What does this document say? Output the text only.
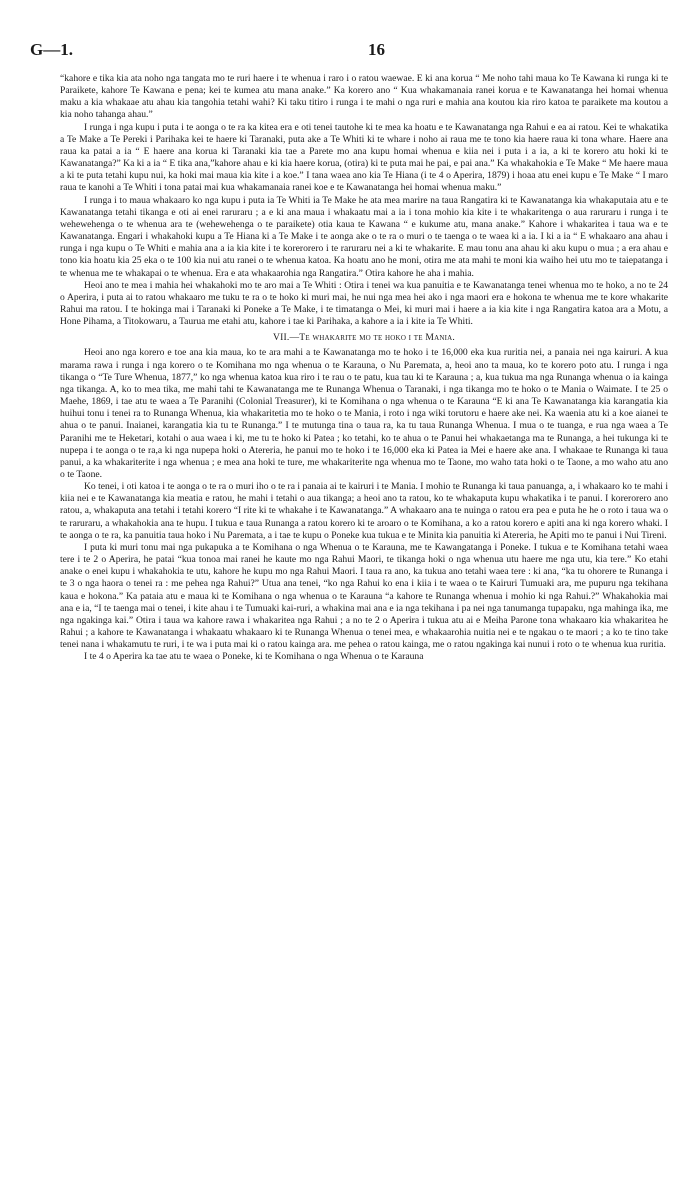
G—1.	16

“kahore e tika kia ata noho nga tangata mo te ruri haere i te whenua i raro i o ratou waewae. E ki ana korua “ Me noho tahi maua ko Te Kawana ki runga ki te Paraikete, kahore Te Kawana e pena; kei te kumea atu mana anake.” Ka korero ano “ Kua whakamanaia ranei korua e te Kawanatanga hei homai whenua maku a kia whakaae atu ahau kia tangohia tetahi wahi? Ki taku titiro i runga i te mahi o nga ruri e mahia ana koutou kia riro katoa te paraikete ma koutou a kia noho tahanga ahau.”

I runga i nga kupu i puta i te aonga o te ra ka kitea era e oti tenei tautohe ki te mea ka hoatu e te Kawanatanga nga Rahui e ea ai ratou. Kei te whakatika a Te Make a Te Pereki i Parihaka kei te haere ki Taranaki, puta ake a Te Whiti ki te whare i noho ai raua me te tono kia haere raua ki tona whare. Haere ana raua ka patai a ia “ E haere ana korua ki Taranaki kia tae a Parete mo ana kupu homai whenua e kiia nei i puta i a ia, a ki te korero atu hoki ki te Kawanatanga?” Ka ki a ia “ E tika ana,”kahore ahau e ki kia haere korua, (otira) ki te puta mai he pai, e pai ana.” Ka whakahokia e Te Make “ Me haere maua a ki te puta tetahi kupu nui, ka hoki mai maua kia kite i a koe.” I tana waea ano kia Te Hiana (i te 4 o Aperira, 1879) i hoaa atu enei kupu e Te Make “ I maro raua te kanohi a Te Whiti i tona patai mai kua whakamanaia ranei koe e te Kawanatanga hei homai whenua maku.”

I runga i to maua whakaaro ko nga kupu i puta ia Te Whiti ia Te Make he ata mea marire na taua Rangatira ki te Kawanatanga kia whakaputaia atu e te Kawanatanga tetahi tikanga e oti ai enei raruraru ; a e ki ana maua i whakaatu mai a ia i tona mohio kia kite i te whakaritenga o aua raruraru i runga i te wehewehenga o te whenua ara te (wehewehenga o te paraikete) otia kaua te Kawana “ e kukume atu, mana anake.” Kahore i whakaritea i taua wa e te Kawanatanga. Engari i whakahoki kupu a Te Hiana ki a Te Make i te aonga ake o te ra o muri o te taenga o te waea ki a ia. I ki a ia “ E whakaaro ana ahau i runga i nga kupu o Te Whiti e mahia ana a ia kia kite i te korerorero i te raruraru nei a ki te whakarite. E mau tonu ana ahau ki aku kupu o mua ; a era ahau e tono kia hoatu kia 25 eka o te 100 kia nui atu ranei o te whenua katoa. Ka hoatu ano he moni, otira me ata mahi te moni kia waiho hei utu mo te taiepatanga i te whenua me te whakapai o te whenua. Era e ata whakaarohia nga Rangatira.” Otira kahore he aha i mahia.

Heoi ano te mea i mahia hei whakahoki mo te aro mai a Te Whiti : Otira i tenei wa kua panuitia e te Kawanatanga tenei whenua mo te hoko, a no te 24 o Aperira, i puta ai to ratou whakaaro me tuku te ra o te hoko ki muri mai, he nui nga mea hei ako i nga maori era e hokona te whenua me te kore whakarite Rahui ma ratou. I te hokinga mai i Taranaki ki Poneke a Te Make, i te timatanga o Mei, ki muri mai i haere a ia kia kite i nga Rangatira katoa ara a Motu, a Hone Pihama, a Titokowaru, a Taurua me etahi atu, kahore i tae ki Parihaka, a kahore a ia i kite ia Te Whiti.

VII.—Te whakarite mo te hoko i te Mania.

Heoi ano nga korero e toe ana kia maua, ko te ara mahi a te Kawanatanga mo te hoko i te 16,000 eka kua ruritia nei, a panaia nei nga kairuri. A kua marama rawa i runga i nga korero o te Komihana mo nga whenua o te Karauna, o Nu Paremata, a, heoi ano ta maua, ko te korero poto atu. I runga i nga tikanga o “Te Ture Whenua, 1877,” ko nga whenua katoa kua riro i te rau o te patu, kua tau ki te Karauna ; a, kua tukua ma nga Runanga whenua o ia kainga nga tikanga. A, ko to mea tika, me mahi tahi te Kawanatanga me te Runanga Whenua o Taranaki, i nga tikanga mo te hoko o te Mania o Waimate. I te 25 o Maehe, 1869, i tae atu te waea a Te Paranihi (Colonial Treasurer), ki te Komihana o nga whenua o te Karauna “E ki ana Te Kawanatanga kia karangatia kia huihui tonu i tenei ra to Runanga Whenua, kia whakaritetia mo te hoko o te Mania, i roto i nga wiki torutoru e haere ake nei. Ka waenia atu ki a koe aianei te ahua o te panui. Inaianei, karangatia kia tu te Runanga.” I te mutunga tina o taua ra, ka tu taua Runanga Whenua. I mua o te tuanga, e rua nga waea a Te Paranihi me te Heketari, kotahi o aua waea i ki, me tu te hoko ki Patea ; ko tetahi, ko te ahua o te Panui hei whakaetanga ma te Runanga, a hei tukunga ki te nupepa i te aonga o te ra,a ki nga nupepa hoki o Atereria, he panui mo te hoko i te 16,000 eka ki Patea ia Mei e haere ake ana. I whakaae te Runanga ki taua panui, a ka whakariterite i nga whenua ; e mea ana hoki te ture, me whakariterite nga whenua mo te Taone, mo waho tata hoki o te Taone, a mo waho atu ano o te Taone.

Ko tenei, i oti katoa i te aonga o te ra o muri iho o te ra i panaia ai te kairuri i te Mania. I mohio te Runanga ki taua panuanga, a, i whakaaro ko te mahi i kiia nei e te Kawanatanga kia meatia e ratou, he mahi i tetahi o aua tikanga; a heoi ano ta ratou, ko te whakaputa kupu whakatika i te panui. I korerorero ano ratou, a, whakaputa ana tetahi i tetahi korero “I rite ki te whakahe i te Kawanatanga.” A whakaaro ana te nuinga o ratou era pea e puta he he o roto i taua wa o te raruraru, a whakahokia ana te hupu. I tukua e taua Runanga a ratou korero ki te aroaro o te Komihana, a ko a ratou korero e apiti ana ki nga korero whaki. I te aonga o te ra, ka panuitia taua hoko i Nu Paremata, a i tae te kupu o Poneke kua tukua e te Minita kia panuitia ki Atereria, he Apiti mo te panui i Nui Tireni.

I puta ki muri tonu mai nga pukapuka a te Komihana o nga Whenua o te Karauna, me te Kawangatanga i Poneke. I tukua e te Komihana tetahi waea tere i te 2 o Aperira, he patai “kua tonoa mai ranei he kaute mo nga Rahui Maori, te tikanga hoki o nga whenua utu haere me nga utu, kia tere.” Ko etahi anake o enei kupu i whakahokia te utu, kahore he kupu mo nga Rahui Maori. I taua ra ano, ka tukua ano tetahi waea tere : ki ana, “ka tu ohorere te Runanga i te 3 o nga haora o tenei ra : me pehea nga Rahui?” Utua ana tenei, “ko nga Rahui ko ena i kiia i te waea o te Kairuri Tumuaki ara, me pupuru nga tekihana kaua e hokona.” Ka pataia atu e maua ki te Komihana o nga whenua o te Karauna “a kahore te Runanga whenua i mohio ki nga Rahui.?” Whakahokia mai ana e ia, “I te taenga mai o tenei, i kite ahau i te Tumuaki kai-ruri, a whakina mai ana e ia nga tekihana i pa nei nga tanumanga tupapaku, nga mahinga ika, me nga ngakinga kai.” Otira i taua wa kahore rawa i whakaritea nga Rahui ; a no te 2 o Aperira i tukua atu ai e Meiha Parone tona whakaaro kia whakaritea he Rahui ; a kahore te Kawanatanga i whakaatu whakaaro ki te Runanga Whenua o tenei mea, e whakaarohia nuitia nei e te ngakau o te maori ; a ko te tino take tenei nana i whakamutu te ruri, i te wa i puta mai ki o ratou kainga ara. me pehea o ratou kainga, me o ratou ngakinga kai nunui i roto o te whenua kua ruritia.

I te 4 o Aperira ka tae atu te waea o Poneke, ki te Komihana o nga Whenua o te Karauna
